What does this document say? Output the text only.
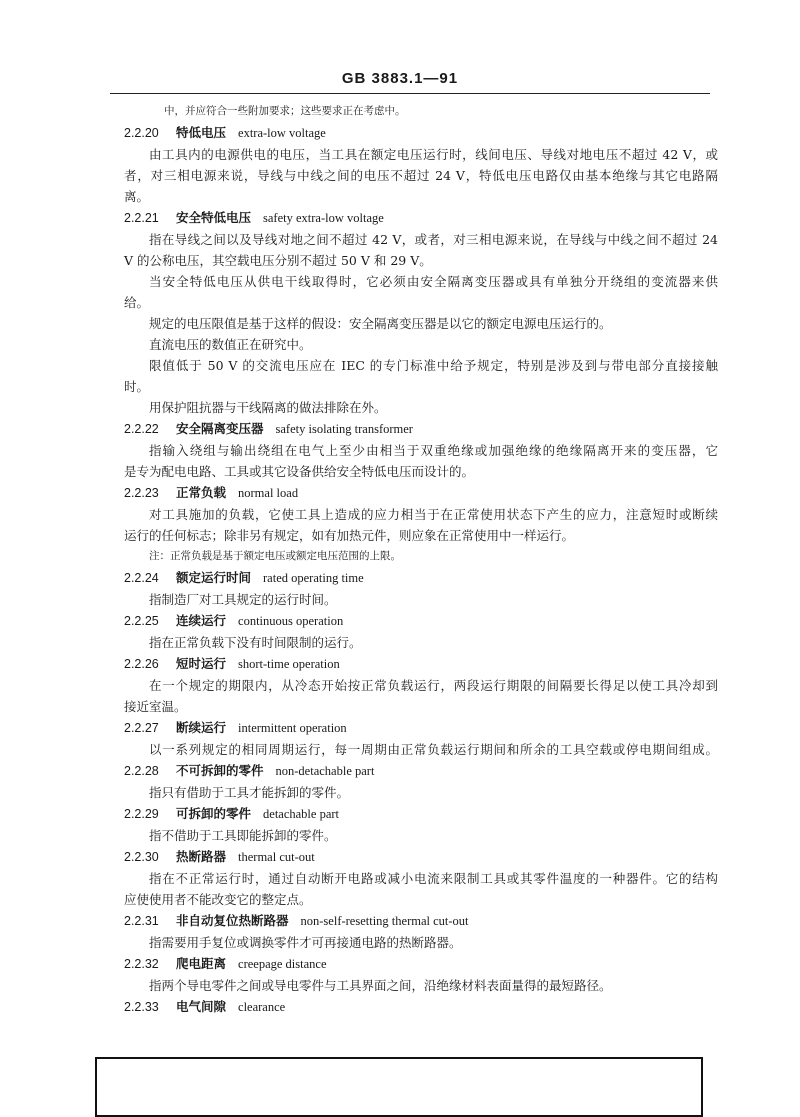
GB 3883.1—91
中，并应符合一些附加要求；这些要求正在考虑中。
2.2.20 特低电压 extra-low voltage
由工具内的电源供电的电压，当工具在额定电压运行时，线间电压、导线对地电压不超过 42 V，或
者，对三相电源来说，导线与中线之间的电压不超过 24 V，特低电压电路仅由基本绝缘与其它电路隔
离。
2.2.21 安全特低电压 safety extra-low voltage
指在导线之间以及导线对地之间不超过 42 V，或者，对三相电源来说，在导线与中线之间不超过 24
V 的公称电压，其空载电压分别不超过 50 V 和 29 V。
当安全特低电压从供电干线取得时，它必须由安全隔离变压器或具有单独分开绕组的变流器来供
给。
规定的电压限值是基于这样的假设：安全隔离变压器是以它的额定电源电压运行的。
直流电压的数值正在研究中。
限值低于 50 V 的交流电压应在 IEC 的专门标准中给予规定，特别是涉及到与带电部分直接接触
时。
用保护阻抗器与干线隔离的做法排除在外。
2.2.22 安全隔离变压器 safety isolating transformer
指输入绕组与输出绕组在电气上至少由相当于双重绝缘或加强绝缘的绝缘隔离开来的变压器，它
是专为配电电路、工具或其它设备供给安全特低电压而设计的。
2.2.23 正常负载 normal load
对工具施加的负载，它使工具上造成的应力相当于在正常使用状态下产生的应力，注意短时或断续
运行的任何标志；除非另有规定，如有加热元件，则应象在正常使用中一样运行。
注：正常负载是基于额定电压或额定电压范围的上限。
2.2.24 额定运行时间 rated operating time
指制造厂对工具规定的运行时间。
2.2.25 连续运行 continuous operation
指在正常负载下没有时间限制的运行。
2.2.26 短时运行 short-time operation
在一个规定的期限内，从冷态开始按正常负载运行，两段运行期限的间隔要长得足以使工具冷却到
接近室温。
2.2.27 断续运行 intermittent operation
以一系列规定的相同周期运行，每一周期由正常负载运行期间和所余的工具空载或停电期间组成。
2.2.28 不可拆卸的零件 non-detachable part
指只有借助于工具才能拆卸的零件。
2.2.29 可拆卸的零件 detachable part
指不借助于工具即能拆卸的零件。
2.2.30 热断路器 thermal cut-out
指在不正常运行时，通过自动断开电路或减小电流来限制工具或其零件温度的一种器件。它的结构
应使使用者不能改变它的整定点。
2.2.31 非自动复位热断路器 non-self-resetting thermal cut-out
指需要用手复位或调换零件才可再接通电路的热断路器。
2.2.32 爬电距离 creepage distance
指两个导电零件之间或导电零件与工具界面之间，沿绝缘材料表面量得的最短路径。
2.2.33 电气间隙 clearance
